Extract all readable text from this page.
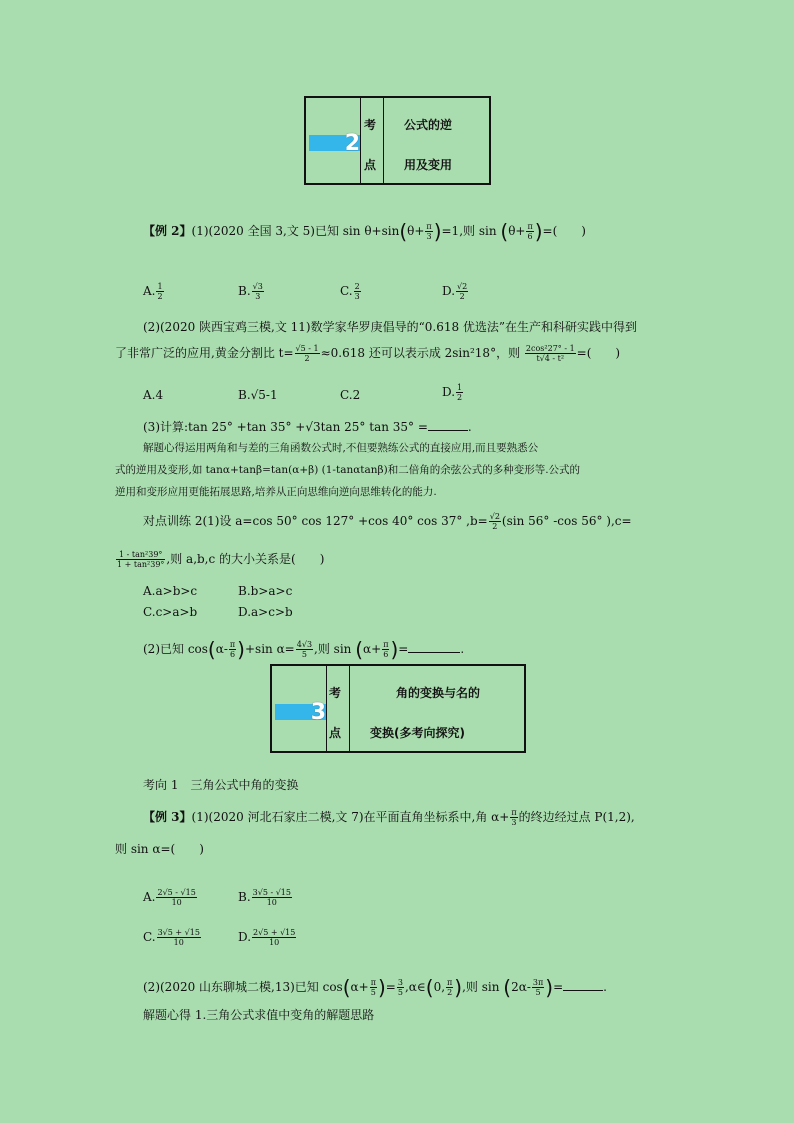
2
考
点
公式的逆
用及变用
【例 2】(1)(2020 全国 3,文 5)已知 $\sin \theta+\sin(\theta+ \frac{\pi}{3} )=1$,则 $\sin (\theta+ \frac{\pi}{6}$ )=(　　)
A. $\frac{1}{2}$	B. $\frac{√3}{3}$	C. $\frac{2}{3}$	D. $\frac{√2}{2}$
(2)(2020 陕西宝鸡三模,文 11)数学家华罗庚倡导的“0.618 优选法”在生产和科研实践中得到
了非常广泛的应用,黄金分割比 $t= \frac{√5 - 1}{2} \approx 0.618$ 还可以表示成 2sin²18°，则 $\frac{\text{2cos²27° - 1}}{\text{t√4 - t²}}$ =(　　)
A.4	B.√5-1	C.2	D. $\frac{1}{2}$
(3)计算:tan 25° +tan 35° +√3tan 25° tan 35° =	.
解题心得运用两角和与差的三角函数公式时,不但要熟练公式的直接应用,而且要熟悉公
式的逆用及变形,如 tanα+tanβ=tan(α+β) (1-tanαtanβ)和二倍角的余弦公式的多种变形等.公式的
逆用和变形应用更能拓展思路,培养从正向思维向逆向思维转化的能力.
对点训练 2(1)设 a=cos 50° cos 127° +cos 40° cos 37° $,b= \frac{√2}{2} (\sin$ 56° -cos 56° ),c=
$\frac{\text{1 - tan²39°}}{\text{1 + tan²39°}}$ ,则 a,b,c 的大小关系是(　　)
A.a>b>c	B.b>a>c
C.c>a>b	D.a>c>b
(2)已知 $\cos(\alpha- \frac{\pi}{6} )+\sin$ $\alpha= \frac{4√3}{5}$ ,则 $\sin (\alpha+ \frac{\pi}{6}$ )=	.
3
考
点
角的变换与名的
变换(多考向探究)
考向 1　三角公式中角的变换
【例 3】(1)(2020 河北石家庄二模,文 7)在平面直角坐标系中,角 $\alpha+ \frac{\pi}{3}$ 的终边经过点 P(1,2),
则 sin α=(　　)
A. $\frac{2√5 - √15}{10}$	B. $\frac{3√5 - √15}{10}$
C. $\frac{3√5 + √15}{10}$	D. $\frac{2√5 + √15}{10}$
(2)(2020 山东聊城二模,13)已知 $\cos(\alpha+ \frac{\pi}{5}$ )= $\frac{3}{5}$ ,α∈(0, $\frac{\pi}{2}$ ),则 $\sin (2\alpha- \frac{3\pi}{5}$ )=	.
解题心得 1.三角公式求值中变角的解题思路
